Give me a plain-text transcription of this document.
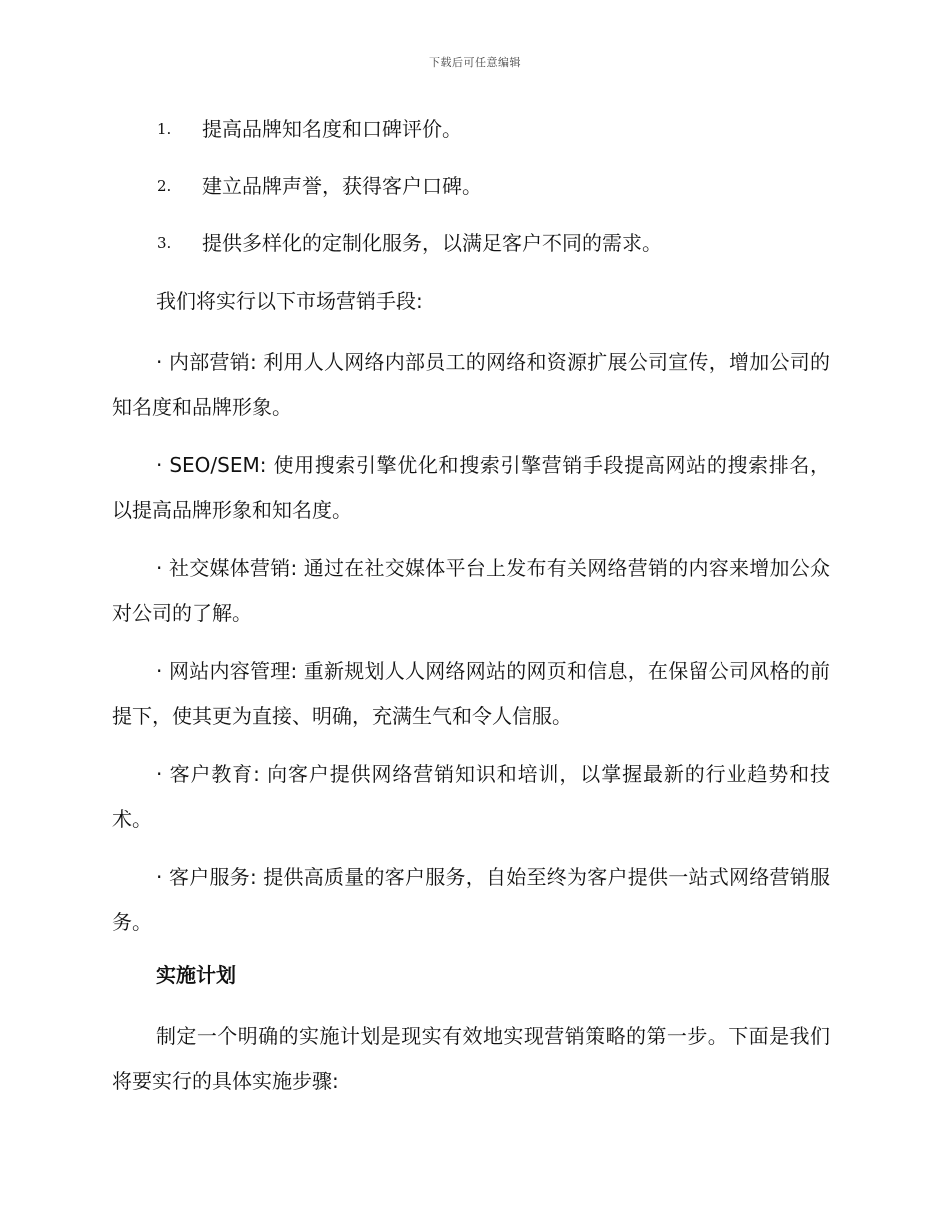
下载后可任意编辑
1.	提高品牌知名度和口碑评价。
2.	建立品牌声誉，获得客户口碑。
3.	提供多样化的定制化服务，以满足客户不同的需求。

我们将实行以下市场营销手段:

· 内部营销: 利用人人网络内部员工的网络和资源扩展公司宣传，增加公司的知名度和品牌形象。

· SEO/SEM: 使用搜索引擎优化和搜索引擎营销手段提高网站的搜索排名，以提高品牌形象和知名度。

· 社交媒体营销: 通过在社交媒体平台上发布有关网络营销的内容来增加公众对公司的了解。

· 网站内容管理: 重新规划人人网络网站的网页和信息，在保留公司风格的前提下，使其更为直接、明确，充满生气和令人信服。

· 客户教育: 向客户提供网络营销知识和培训，以掌握最新的行业趋势和技术。

· 客户服务: 提供高质量的客户服务，自始至终为客户提供一站式网络营销服务。

实施计划

制定一个明确的实施计划是现实有效地实现营销策略的第一步。下面是我们将要实行的具体实施步骤:
